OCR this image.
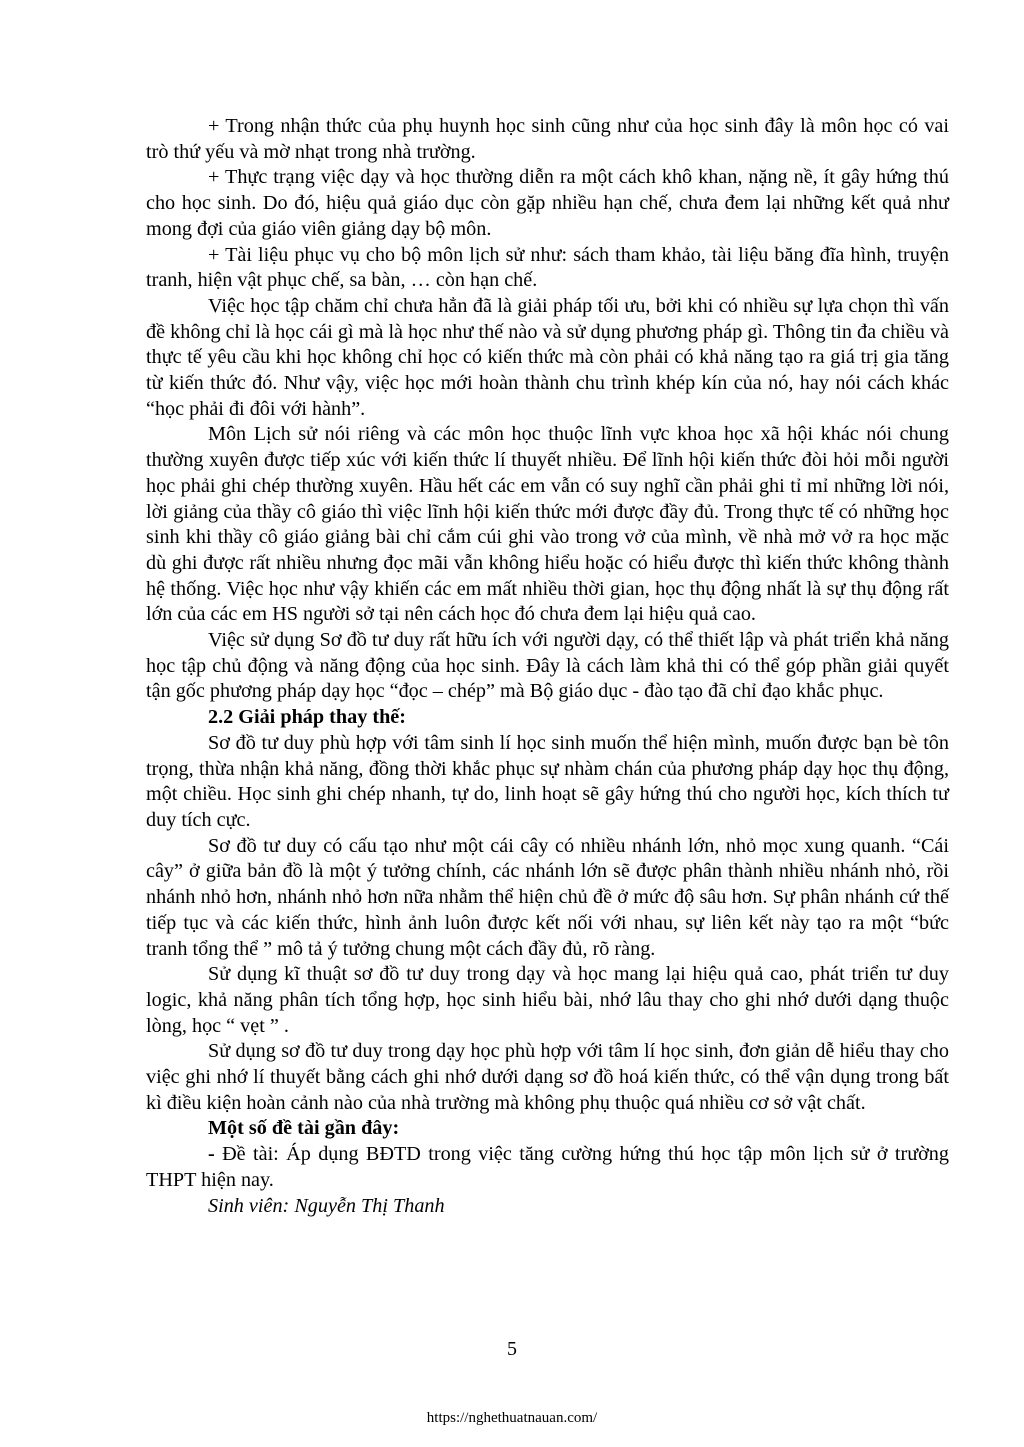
+ Trong nhận thức của phụ huynh học sinh cũng như của học sinh đây là môn học có vai trò thứ yếu và mờ nhạt trong nhà trường.

+ Thực trạng việc dạy và học thường diễn ra một cách khô khan, nặng nề, ít gây hứng thú cho học sinh. Do đó, hiệu quả giáo dục còn gặp nhiều hạn chế, chưa đem lại những kết quả như mong đợi của giáo viên giảng dạy bộ môn.

+ Tài liệu phục vụ cho bộ môn lịch sử như: sách tham khảo, tài liệu băng đĩa hình, truyện tranh, hiện vật phục chế, sa bàn, … còn hạn chế.

Việc học tập chăm chỉ chưa hẳn đã là giải pháp tối ưu, bởi khi có nhiều sự lựa chọn thì vấn đề không chỉ là học cái gì mà là học như thế nào và sử dụng phương pháp gì. Thông tin đa chiều và thực tế yêu cầu khi học không chỉ học có kiến thức mà còn phải có khả năng tạo ra giá trị gia tăng từ kiến thức đó. Như vậy, việc học mới hoàn thành chu trình khép kín của nó, hay nói cách khác “học phải đi đôi với hành”.

Môn Lịch sử nói riêng và các môn học thuộc lĩnh vực khoa học xã hội khác nói chung thường xuyên được tiếp xúc với kiến thức lí thuyết nhiều. Để lĩnh hội kiến thức đòi hỏi mỗi người học phải ghi chép thường xuyên. Hầu hết các em vẫn có suy nghĩ cần phải ghi tỉ mỉ những lời nói, lời giảng của thầy cô giáo thì việc lĩnh hội kiến thức mới được đầy đủ. Trong thực tế có những học sinh khi thầy cô giáo giảng bài chỉ cắm cúi ghi vào trong vở của mình, về nhà mở vở ra học mặc dù ghi được rất nhiều nhưng đọc mãi vẫn không hiểu hoặc có hiểu được thì kiến thức không thành hệ thống. Việc học như vậy khiến các em mất nhiều thời gian, học thụ động nhất là sự thụ động rất lớn của các em HS người sở tại nên cách học đó chưa đem lại hiệu quả cao.

Việc sử dụng Sơ đồ tư duy rất hữu ích với người dạy, có thể thiết lập và phát triển khả năng học tập chủ động và năng động của học sinh. Đây là cách làm khả thi có thể góp phần giải quyết tận gốc phương pháp dạy học “đọc – chép” mà Bộ giáo dục - đào tạo đã chỉ đạo khắc phục.

2.2 Giải pháp thay thế:

Sơ đồ tư duy phù hợp với tâm sinh lí học sinh muốn thể hiện mình, muốn được bạn bè tôn trọng, thừa nhận khả năng, đồng thời khắc phục sự nhàm chán của phương pháp dạy học thụ động, một chiều. Học sinh ghi chép nhanh, tự do, linh hoạt sẽ gây hứng thú cho người học, kích thích tư duy tích cực.

Sơ đồ tư duy có cấu tạo như một cái cây có nhiều nhánh lớn, nhỏ mọc xung quanh. “Cái cây” ở giữa bản đồ là một ý tưởng chính, các nhánh lớn sẽ được phân thành nhiều nhánh nhỏ, rồi nhánh nhỏ hơn, nhánh nhỏ hơn nữa nhằm thể hiện chủ đề ở mức độ sâu hơn. Sự phân nhánh cứ thế tiếp tục và các kiến thức, hình ảnh luôn được kết nối với nhau, sự liên kết này tạo ra một “bức tranh tổng thể ” mô tả ý tưởng chung một cách đầy đủ, rõ ràng.

Sử dụng kĩ thuật sơ đồ tư duy trong dạy và học mang lại hiệu quả cao, phát triển tư duy logic, khả năng phân tích tổng hợp, học sinh hiểu bài, nhớ lâu thay cho ghi nhớ dưới dạng thuộc lòng, học “ vẹt ” .

Sử dụng sơ đồ tư duy trong dạy học phù hợp với tâm lí học sinh, đơn giản dễ hiểu thay cho việc ghi nhớ lí thuyết bằng cách ghi nhớ dưới dạng sơ đồ hoá kiến thức, có thể vận dụng trong bất kì điều kiện hoàn cảnh nào của nhà trường mà không phụ thuộc quá nhiều cơ sở vật chất.

Một số đề tài gần đây:

- Đề tài: Áp dụng BĐTD trong việc tăng cường hứng thú học tập môn lịch sử ở trường THPT hiện nay.

Sinh viên: Nguyễn Thị Thanh

5
https://nghethuatnauan.com/
